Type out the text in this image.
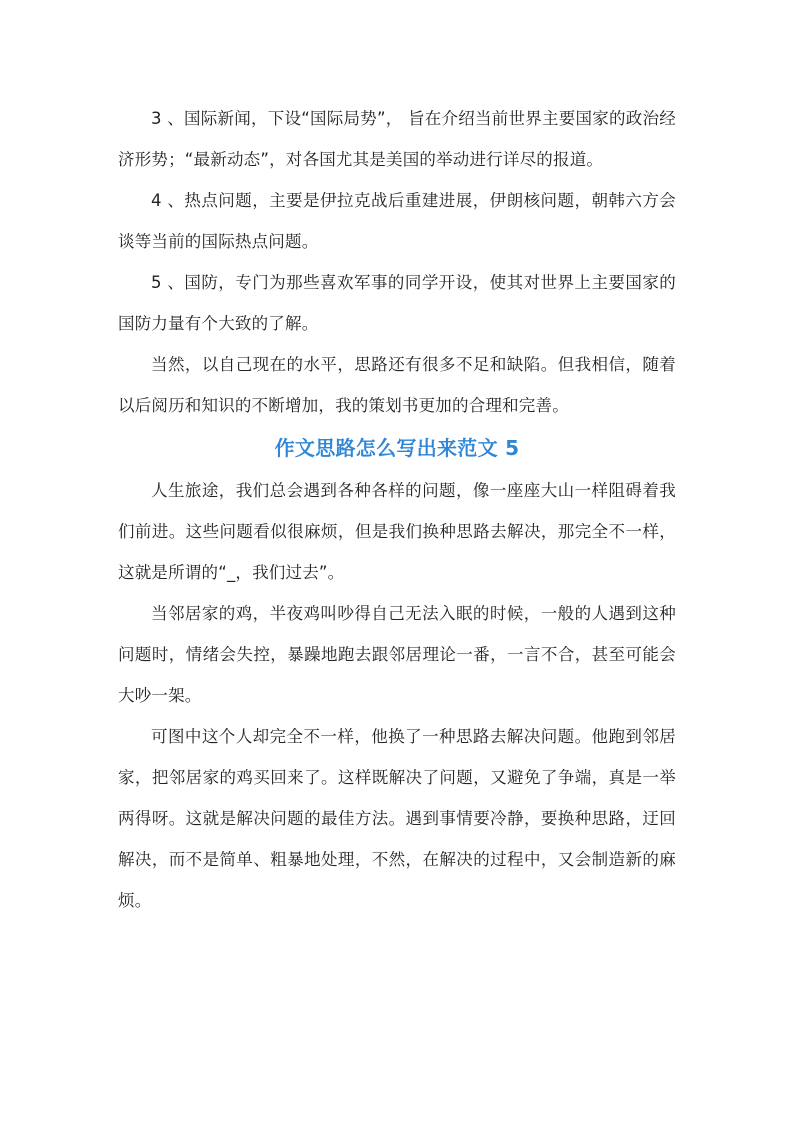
3 、国际新闻，下设“国际局势”， 旨在介绍当前世界主要国家的政治经济形势；“最新动态”，对各国尤其是美国的举动进行详尽的报道。

4 、热点问题，主要是伊拉克战后重建进展，伊朗核问题，朝韩六方会谈等当前的国际热点问题。

5 、国防，专门为那些喜欢军事的同学开设，使其对世界上主要国家的国防力量有个大致的了解。

当然，以自己现在的水平，思路还有很多不足和缺陷。但我相信，随着以后阅历和知识的不断增加，我的策划书更加的合理和完善。

作文思路怎么写出来范文 5

人生旅途，我们总会遇到各种各样的问题，像一座座大山一样阻碍着我们前进。这些问题看似很麻烦，但是我们换种思路去解决，那完全不一样，这就是所谓的“_，我们过去”。

当邻居家的鸡，半夜鸡叫吵得自己无法入眠的时候，一般的人遇到这种问题时，情绪会失控，暴躁地跑去跟邻居理论一番，一言不合，甚至可能会大吵一架。

可图中这个人却完全不一样，他换了一种思路去解决问题。他跑到邻居家，把邻居家的鸡买回来了。这样既解决了问题，又避免了争端，真是一举两得呀。这就是解决问题的最佳方法。遇到事情要冷静，要换种思路，迂回解决，而不是简单、粗暴地处理，不然，在解决的过程中，又会制造新的麻烦。
